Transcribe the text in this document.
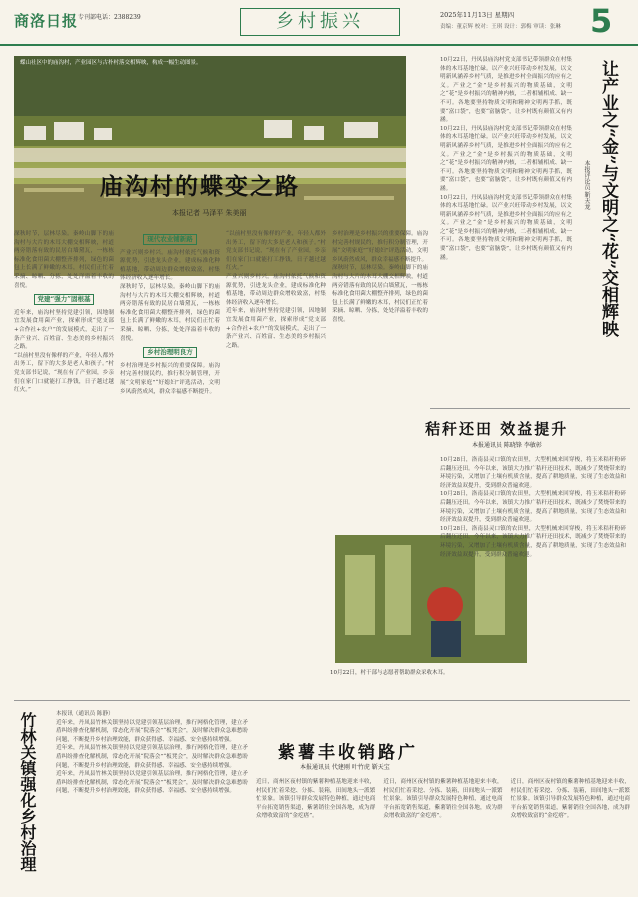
商洛日报 专刊部电话：2388239	乡村振兴	2025年11月13日 星期四
责编：董京辉 校对：王琪 设计：郭梅 审读：张琳 5
蝶山社区中的庙沟村，产业园区与古朴村落交相辉映，构成一幅生动图景。
庙沟村的蝶变之路
本报记者 马泽平 朱美丽

深秋时节，层林尽染。秦岭山脚下的庙沟村与大片的木耳大棚交相辉映，村道两旁错落有致的民居白墙黛瓦，一栋栋标准化食用菌大棚整齐排列，绿色的菌包上长满了鲜嫩的木耳，村民们正忙着采摘、晾晒、分拣，处处洋溢着丰收的喜悦。

党建“强力”固根基

近年来，庙沟村坚持党建引领，因地制宜发展食用菌产业，探索形成“党支部+合作社+农户”的发展模式，走出了一条产业兴、百姓富、生态美的乡村振兴之路。

“以前村里没有像样的产业，年轻人都外出务工，留下的大多是老人和孩子。”村党支部书记说，“现在有了产业园，乡亲们在家门口就能打工挣钱，日子越过越红火。”

现代农业铺新路

产业兴则乡村兴。庙沟村依托气候和资源优势，引进龙头企业，建成标准化种植基地，带动周边群众增收致富，村集体经济收入逐年增长。

深秋时节，层林尽染。秦岭山脚下的庙沟村与大片的木耳大棚交相辉映，村道两旁错落有致的民居白墙黛瓦，一栋栋标准化食用菌大棚整齐排列，绿色的菌包上长满了鲜嫩的木耳，村民们正忙着采摘、晾晒、分拣，处处洋溢着丰收的喜悦。

乡村治理明良方

乡村治理是乡村振兴的重要保障。庙沟村完善村规民约，推行积分制管理，开展“文明家庭”“好媳妇”评选活动，文明乡风蔚然成风，群众幸福感不断提升。

“以前村里没有像样的产业，年轻人都外出务工，留下的大多是老人和孩子。”村党支部书记说，“现在有了产业园，乡亲们在家门口就能打工挣钱，日子越过越红火。”

产业兴则乡村兴。庙沟村依托气候和资源优势，引进龙头企业，建成标准化种植基地，带动周边群众增收致富，村集体经济收入逐年增长。

近年来，庙沟村坚持党建引领，因地制宜发展食用菌产业，探索形成“党支部+合作社+农户”的发展模式，走出了一条产业兴、百姓富、生态美的乡村振兴之路。

乡村治理是乡村振兴的重要保障。庙沟村完善村规民约，推行积分制管理，开展“文明家庭”“好媳妇”评选活动，文明乡风蔚然成风，群众幸福感不断提升。

深秋时节，层林尽染。秦岭山脚下的庙沟村与大片的木耳大棚交相辉映，村道两旁错落有致的民居白墙黛瓦，一栋栋标准化食用菌大棚整齐排列，绿色的菌包上长满了鲜嫩的木耳，村民们正忙着采摘、晾晒、分拣，处处洋溢着丰收的喜悦。

10月22日，村干部与志愿者帮助群众采收木耳。

10月22日，丹凤县庙沟村党支部书记带领群众在村集体的木耳基地忙碌。以产业兴旺带动乡村发展，以文明新风涵养乡村气质，是推进乡村全面振兴的应有之义。产业之“金”是乡村振兴的物质基础，文明之“花”是乡村振兴的精神内核，二者相辅相成、缺一不可。各地要坚持物质文明和精神文明两手抓，既要“富口袋”，也要“富脑袋”，让乡村既有颜值又有内涵。

10月22日，丹凤县庙沟村党支部书记带领群众在村集体的木耳基地忙碌。以产业兴旺带动乡村发展，以文明新风涵养乡村气质，是推进乡村全面振兴的应有之义。产业之“金”是乡村振兴的物质基础，文明之“花”是乡村振兴的精神内核，二者相辅相成、缺一不可。各地要坚持物质文明和精神文明两手抓，既要“富口袋”，也要“富脑袋”，让乡村既有颜值又有内涵。

10月22日，丹凤县庙沟村党支部书记带领群众在村集体的木耳基地忙碌。以产业兴旺带动乡村发展，以文明新风涵养乡村气质，是推进乡村全面振兴的应有之义。产业之“金”是乡村振兴的物质基础，文明之“花”是乡村振兴的精神内核，二者相辅相成、缺一不可。各地要坚持物质文明和精神文明两手抓，既要“富口袋”，也要“富脑袋”，让乡村既有颜值又有内涵。	让产业之“金”与文明之“花”交相辉映
本报评论员 靳天龙
秸秆还田 效益提升
本报通讯员 陈晓锋 李敏彰

10月28日，洛南县灵口镇的农田里，大型机械来回穿梭，将玉米秸秆粉碎后翻压还田。今年以来，该镇大力推广秸秆还田技术，既减少了焚烧带来的环境污染，又增加了土壤有机质含量，提高了耕地质量，实现了生态效益和经济效益双提升，受到群众普遍欢迎。

10月28日，洛南县灵口镇的农田里，大型机械来回穿梭，将玉米秸秆粉碎后翻压还田。今年以来，该镇大力推广秸秆还田技术，既减少了焚烧带来的环境污染，又增加了土壤有机质含量，提高了耕地质量，实现了生态效益和经济效益双提升，受到群众普遍欢迎。

10月28日，洛南县灵口镇的农田里，大型机械来回穿梭，将玉米秸秆粉碎后翻压还田。今年以来，该镇大力推广秸秆还田技术，既减少了焚烧带来的环境污染，又增加了土壤有机质含量，提高了耕地质量，实现了生态效益和经济效益双提升，受到群众普遍欢迎。

竹林关镇强化乡村治理	本报讯（通讯员 陈静）

近年来，丹凤县竹林关镇坚持以党建引领基层治理，推行网格化管理，建立矛盾纠纷排查化解机制，常态化开展“院落会”“板凳会”，及时解决群众急难愁盼问题，不断提升乡村治理效能，群众获得感、幸福感、安全感持续增强。

近年来，丹凤县竹林关镇坚持以党建引领基层治理，推行网格化管理，建立矛盾纠纷排查化解机制，常态化开展“院落会”“板凳会”，及时解决群众急难愁盼问题，不断提升乡村治理效能，群众获得感、幸福感、安全感持续增强。

近年来，丹凤县竹林关镇坚持以党建引领基层治理，推行网格化管理，建立矛盾纠纷排查化解机制，常态化开展“院落会”“板凳会”，及时解决群众急难愁盼问题，不断提升乡村治理效能，群众获得感、幸福感、安全感持续增强。

紫薯丰收销路广
本报通讯员 代建刚 叶竹虎 靳天宝

近日，商州区夜村镇的紫薯种植基地迎来丰收，村民们忙着采挖、分拣、装箱，田间地头一派繁忙景象。该镇引导群众发展特色种植，通过电商平台拓宽销售渠道，紫薯销往全国各地，成为群众增收致富的“金疙瘩”。

近日，商州区夜村镇的紫薯种植基地迎来丰收，村民们忙着采挖、分拣、装箱，田间地头一派繁忙景象。该镇引导群众发展特色种植，通过电商平台拓宽销售渠道，紫薯销往全国各地，成为群众增收致富的“金疙瘩”。

近日，商州区夜村镇的紫薯种植基地迎来丰收，村民们忙着采挖、分拣、装箱，田间地头一派繁忙景象。该镇引导群众发展特色种植，通过电商平台拓宽销售渠道，紫薯销往全国各地，成为群众增收致富的“金疙瘩”。
